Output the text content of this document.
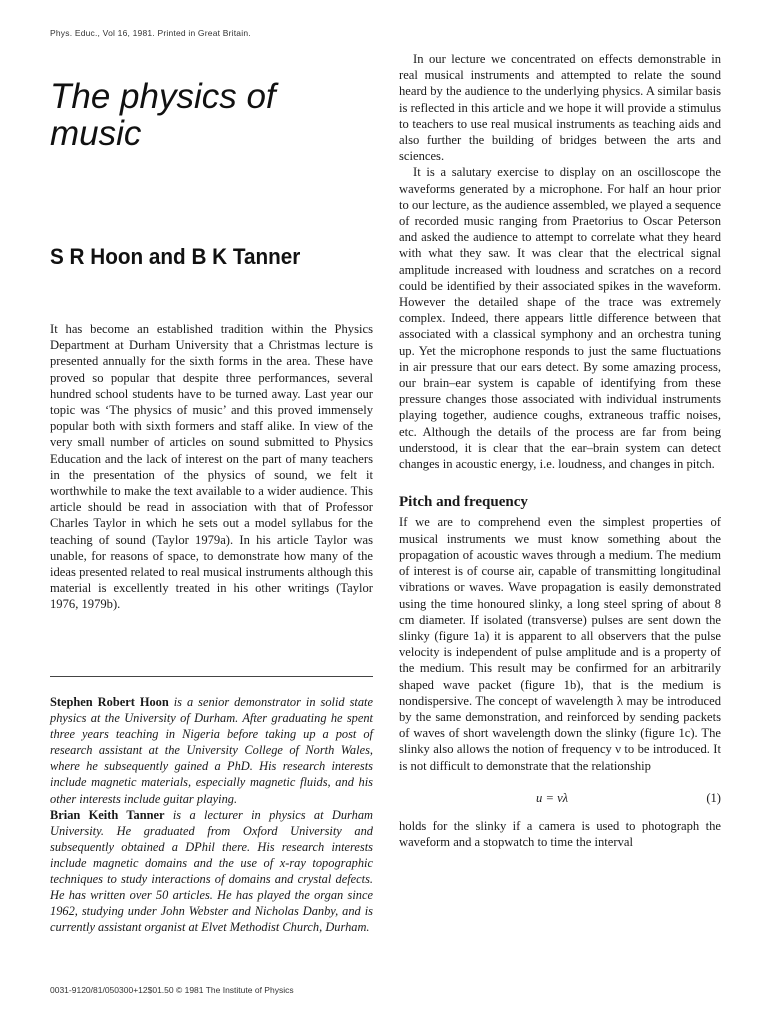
Phys. Educ., Vol 16, 1981. Printed in Great Britain.
The physics of music
S R Hoon and B K Tanner

It has become an established tradition within the Physics Department at Durham University that a Christmas lecture is presented annually for the sixth forms in the area. These have proved so popular that despite three performances, several hundred school students have to be turned away. Last year our topic was ‘The physics of music’ and this proved immensely popular both with sixth formers and staff alike. In view of the very small number of articles on sound submitted to Physics Education and the lack of interest on the part of many teachers in the presentation of the physics of sound, we felt it worthwhile to make the text available to a wider audience. This article should be read in association with that of Professor Charles Taylor in which he sets out a model syllabus for the teaching of sound (Taylor 1979a). In his article Taylor was unable, for reasons of space, to demonstrate how many of the ideas presented related to real musical instruments although this material is excellently treated in his other writings (Taylor 1976, 1979b).

Stephen Robert Hoon is a senior demonstrator in solid state physics at the University of Durham. After graduating he spent three years teaching in Nigeria before taking up a post of research assistant at the University College of North Wales, where he subsequently gained a PhD. His research interests include magnetic materials, especially magnetic fluids, and his other interests include guitar playing.

Brian Keith Tanner is a lecturer in physics at Durham University. He graduated from Oxford University and subsequently obtained a DPhil there. His research interests include magnetic domains and the use of x-ray topographic techniques to study interactions of domains and crystal defects. He has written over 50 articles. He has played the organ since 1962, studying under John Webster and Nicholas Danby, and is currently assistant organist at Elvet Methodist Church, Durham.

In our lecture we concentrated on effects demonstrable in real musical instruments and attempted to relate the sound heard by the audience to the underlying physics. A similar basis is reflected in this article and we hope it will provide a stimulus to teachers to use real musical instruments as teaching aids and also further the building of bridges between the arts and sciences.

It is a salutary exercise to display on an oscilloscope the waveforms generated by a microphone. For half an hour prior to our lecture, as the audience assembled, we played a sequence of recorded music ranging from Praetorius to Oscar Peterson and asked the audience to attempt to correlate what they heard with what they saw. It was clear that the electrical signal amplitude increased with loudness and scratches on a record could be identified by their associated spikes in the waveform. However the detailed shape of the trace was extremely complex. Indeed, there appears little difference between that associated with a classical symphony and an orchestra tuning up. Yet the microphone responds to just the same fluctuations in air pressure that our ears detect. By some amazing process, our brain–ear system is capable of identifying from these pressure changes those associated with individual instruments playing together, audience coughs, extraneous traffic noises, etc. Although the details of the process are far from being understood, it is clear that the ear–brain system can detect changes in acoustic energy, i.e. loudness, and changes in pitch.

Pitch and frequency

If we are to comprehend even the simplest properties of musical instruments we must know something about the propagation of acoustic waves through a medium. The medium of interest is of course air, capable of transmitting longitudinal vibrations or waves. Wave propagation is easily demonstrated using the time honoured slinky, a long steel spring of about 8 cm diameter. If isolated (transverse) pulses are sent down the slinky (figure 1a) it is apparent to all observers that the pulse velocity is independent of pulse amplitude and is a property of the medium. This result may be confirmed for an arbitrarily shaped wave packet (figure 1b), that is the medium is nondispersive. The concept of wavelength λ may be introduced by the same demonstration, and reinforced by sending packets of waves of short wavelength down the slinky (figure 1c). The slinky also allows the notion of frequency ν to be introduced. It is not difficult to demonstrate that the relationship

u = νλ	(1)

holds for the slinky if a camera is used to photograph the waveform and a stopwatch to time the interval

0031-9120/81/050300+12$01.50 © 1981 The Institute of Physics
